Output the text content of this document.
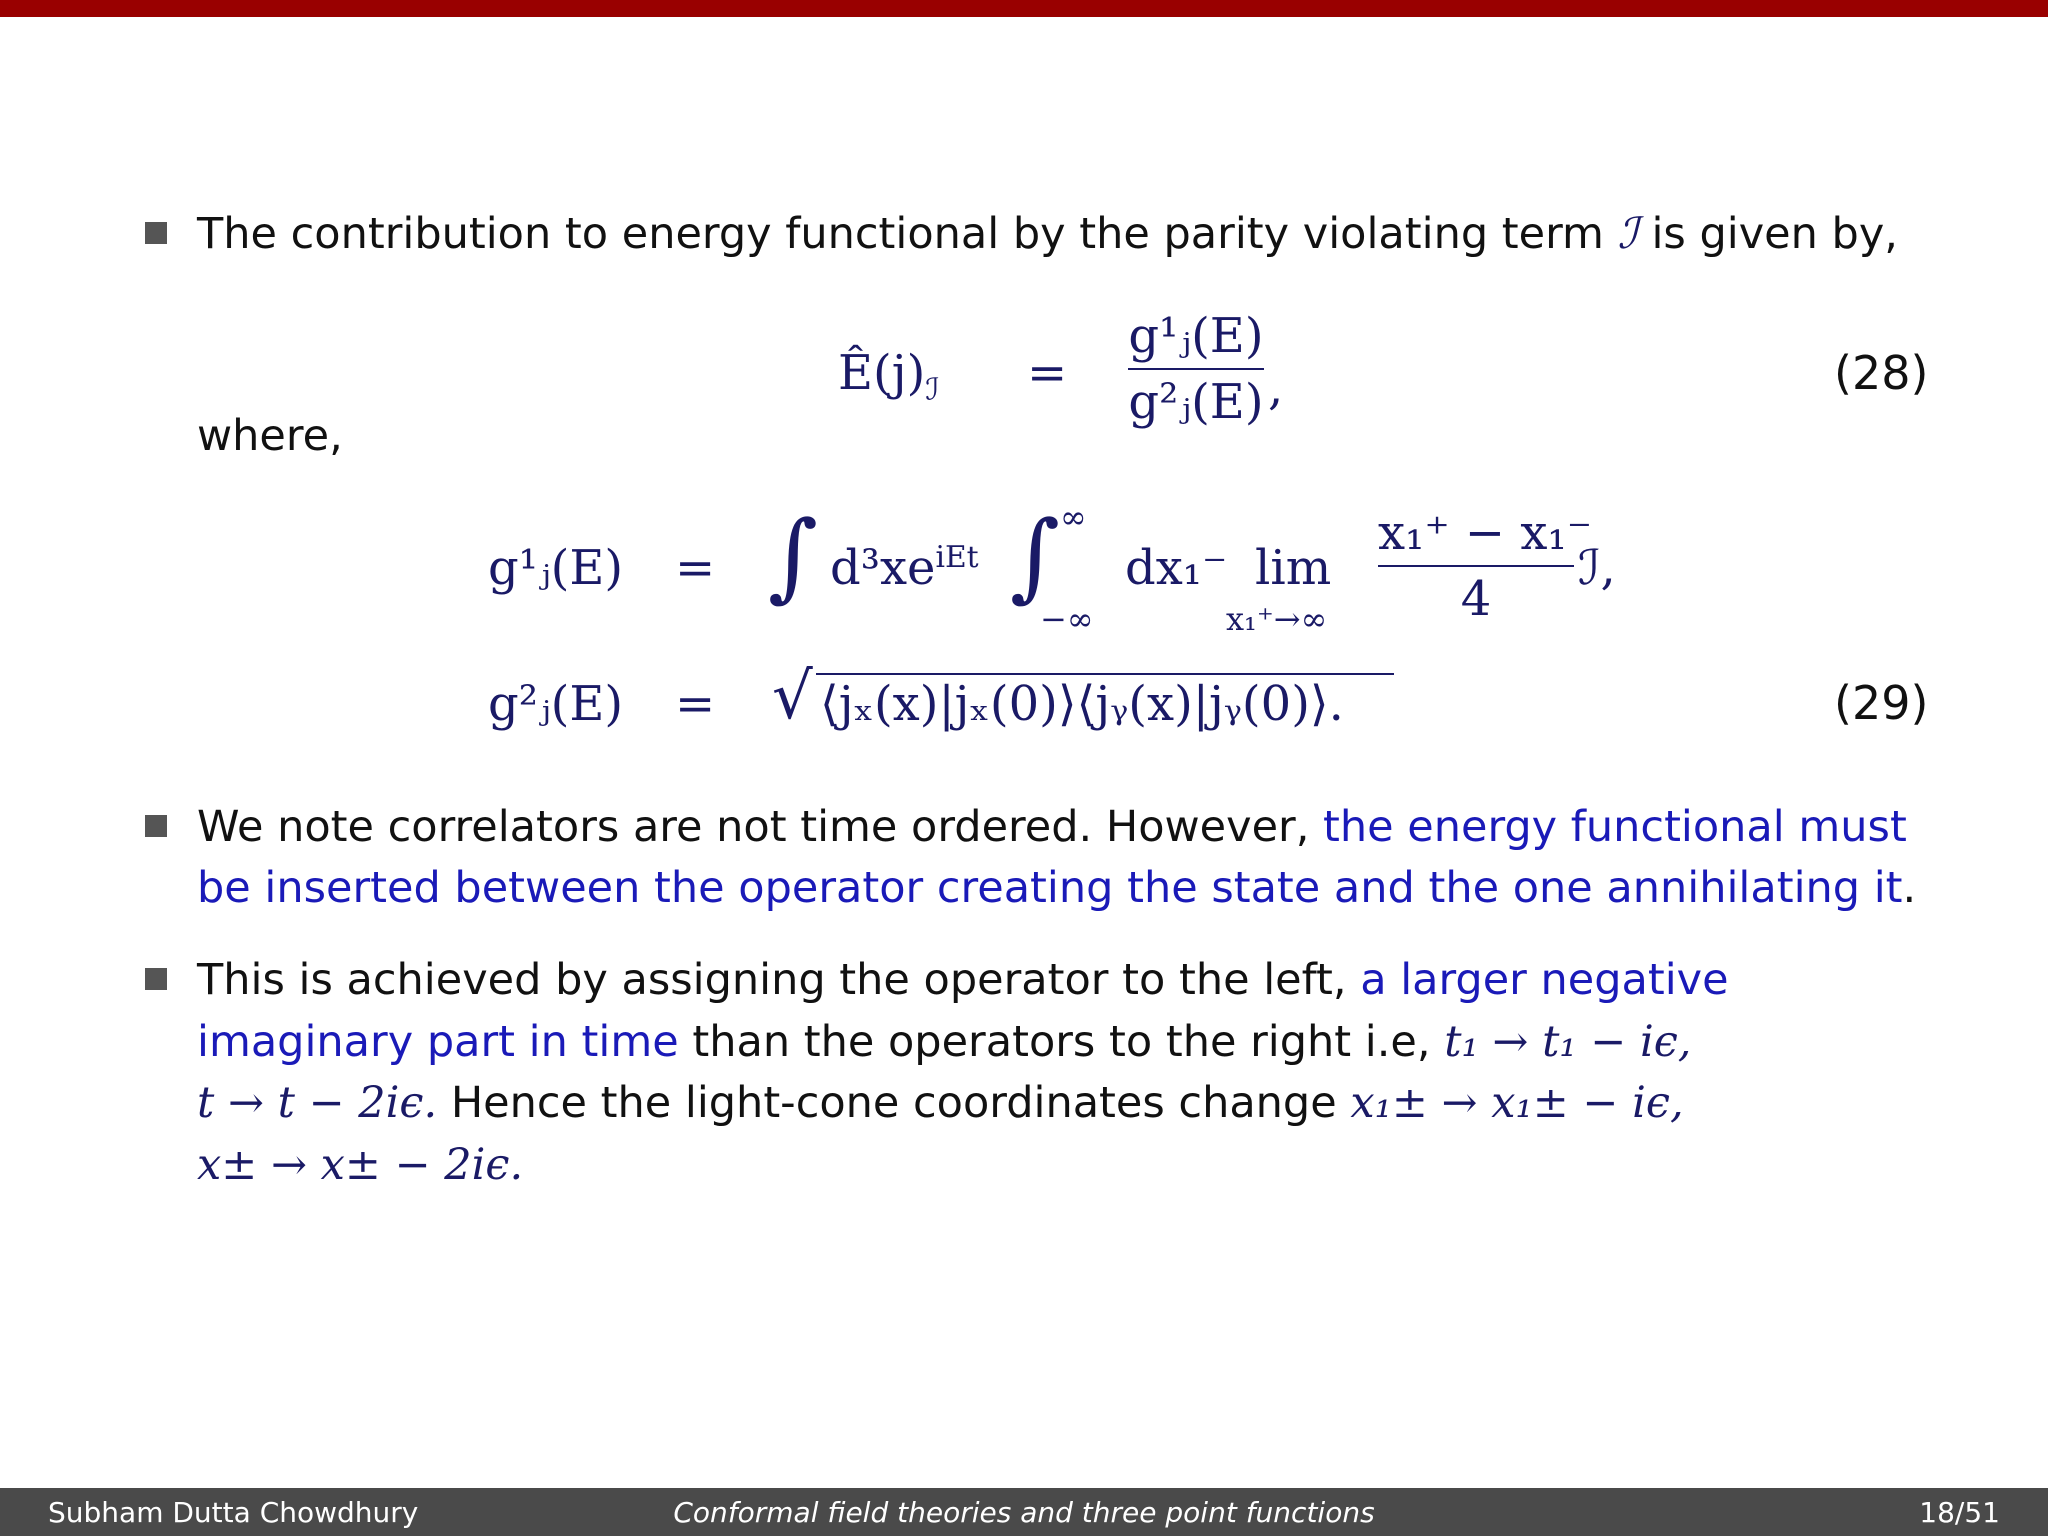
The contribution to energy functional by the parity violating term ℐ is given by,
$Ê(j)_ℐ$ =
g¹ⱼ(E)
g²ⱼ(E) ,	(28)
where,
g¹ⱼ(E) = ∫ $d^3xe^{iEt}$ ∫ ∞
−∞
dx₁⁻ lim
x₁⁺→∞
x₁⁺ − x₁⁻
4
ℐ,
g²ⱼ(E) = √ ⟨jₓ(x)|jₓ(0)⟩⟨jᵧ(x)|jᵧ(0)⟩.	(29)
We note correlators are not time ordered. However, the energy functional must
be inserted between the operator creating the state and the one annihilating it.
This is achieved by assigning the operator to the left, a larger negative
imaginary part in time than the operators to the right i.e, t₁ → t₁ − iϵ,
t → t − 2iϵ. Hence the light-cone coordinates change x₁± → x₁± − iϵ,
x± → x± − 2iϵ.
Subham Dutta Chowdhury	Conformal field theories and three point functions	18/51
